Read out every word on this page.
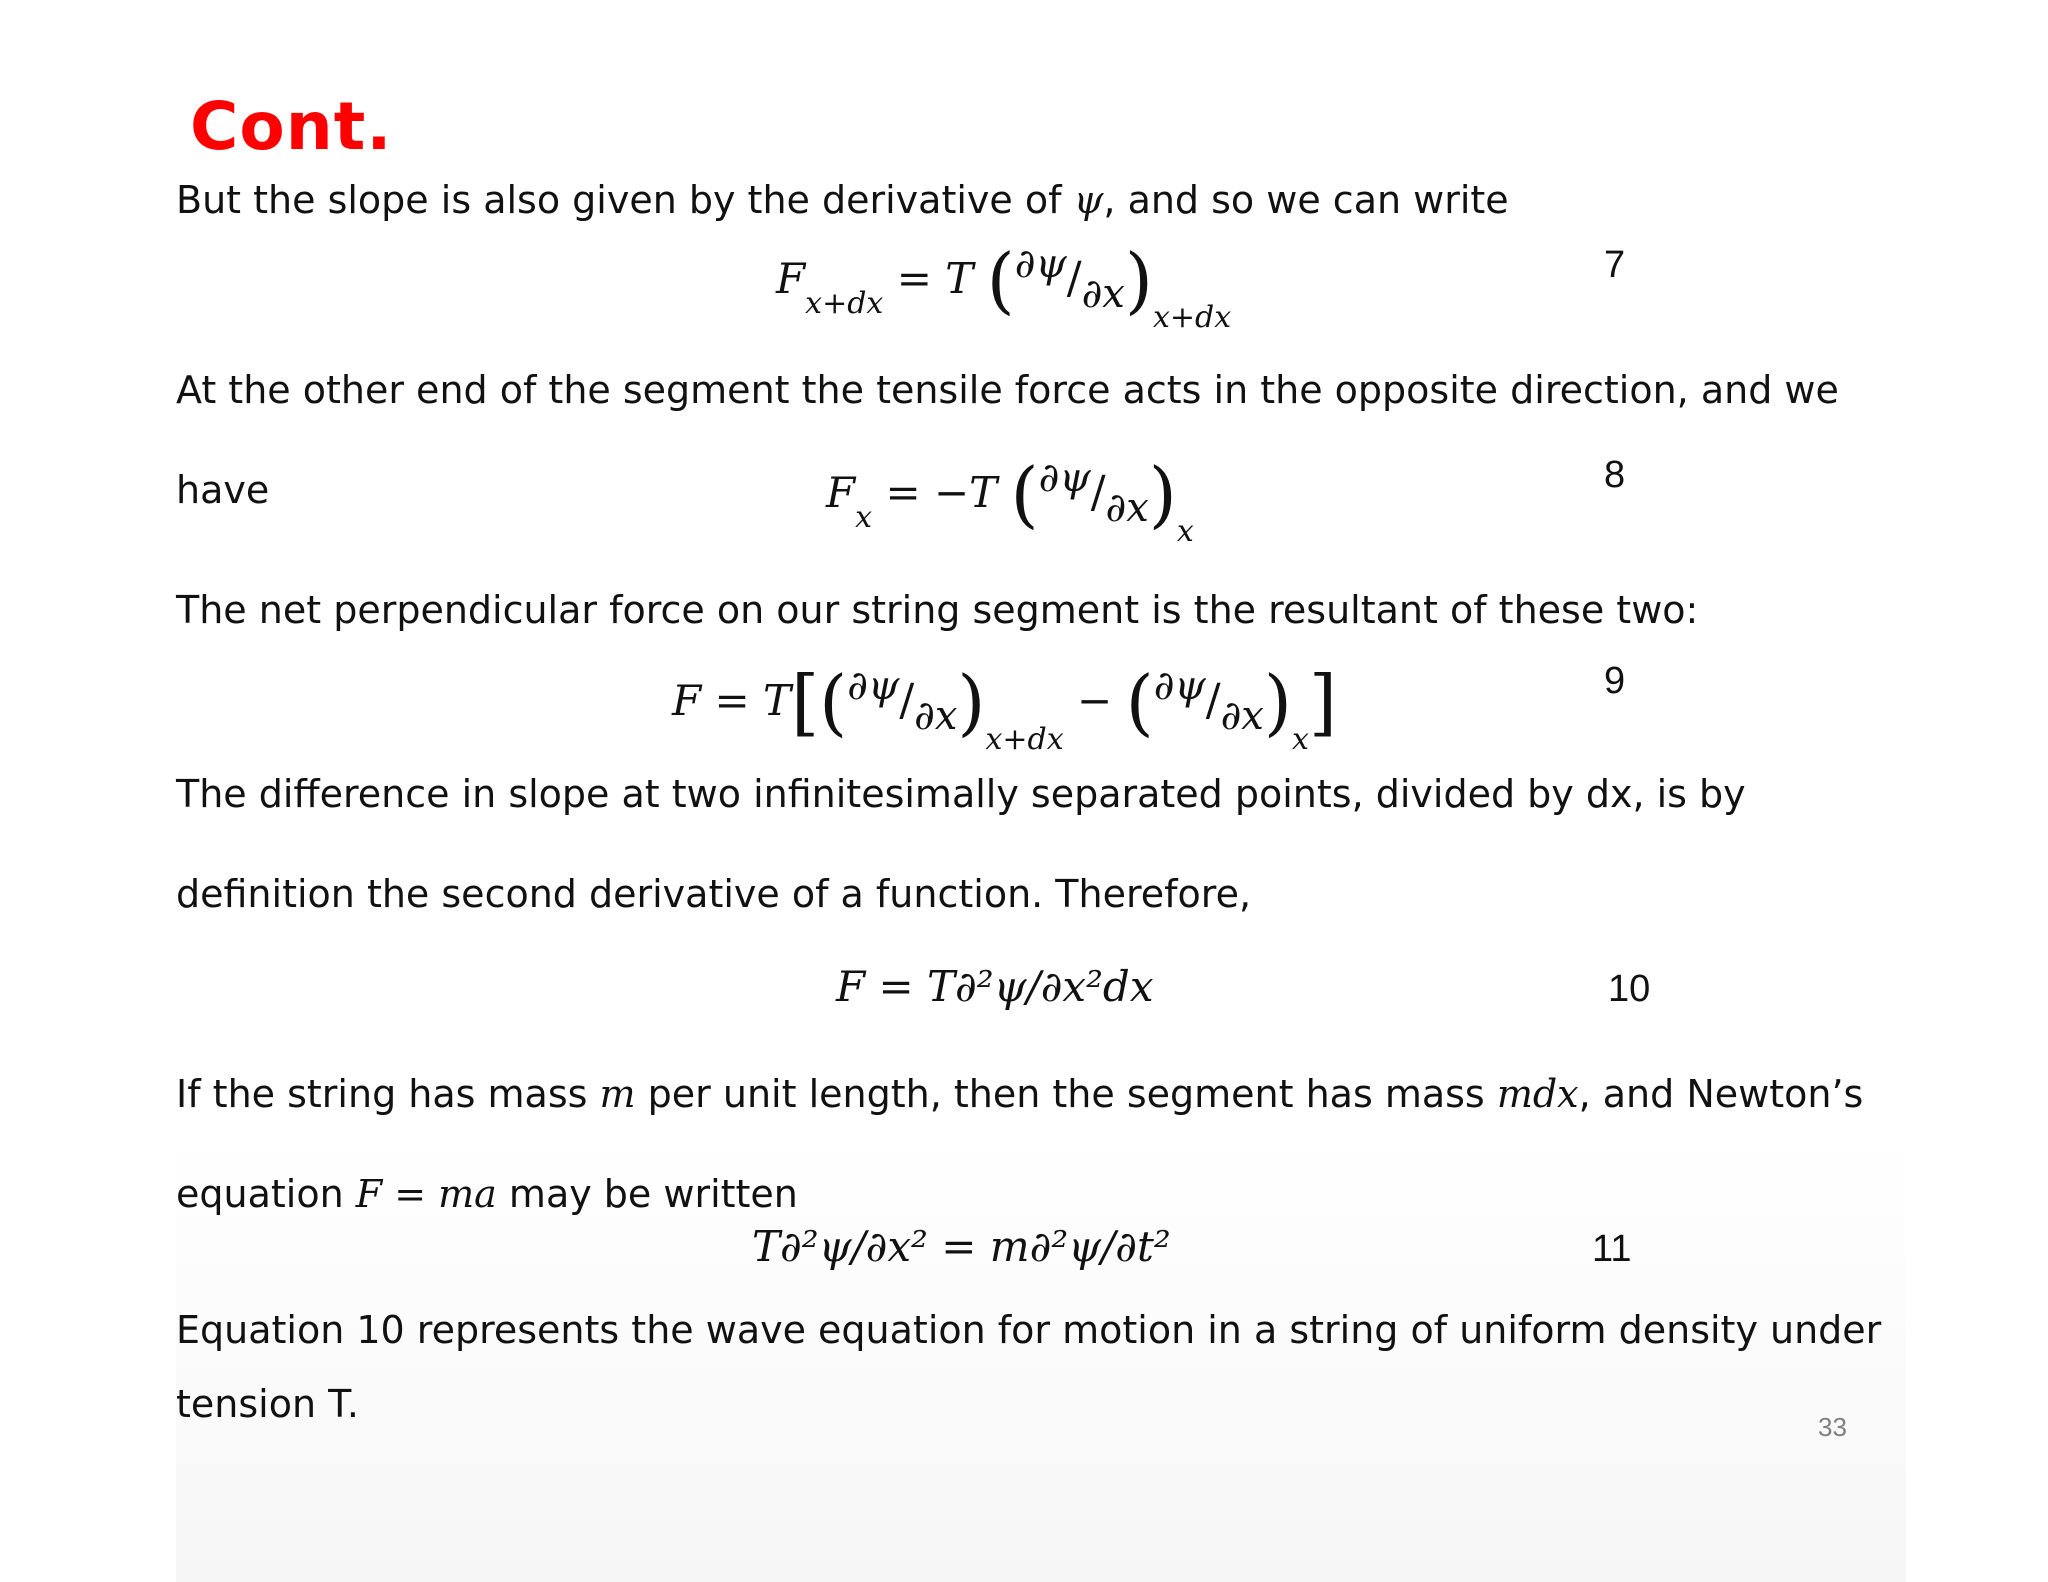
Cont.
But the slope is also given by the derivative of ψ, and so we can write
$F_{x+dx} = T$ $(\partial\psi/\partial x)_{x+dx}$
7
At the other end of the segment the tensile force acts in the opposite direction, and we
have	$F_x = -T$ $(\partial\psi/\partial x)_x$
8
The net perpendicular force on our string segment is the resultant of these two:
$F = T[(\partial\psi/\partial x)_{x+dx} - (\partial\psi/\partial x)_x]$	9
The difference in slope at two infinitesimally separated points, divided by dx, is by
definition the second derivative of a function. Therefore,
F = T∂²ψ/∂x²dx	10
If the string has mass m per unit length, then the segment has mass mdx, and Newton’s
equation F = ma may be written
T∂²ψ/∂x² = m∂²ψ/∂t²	11
Equation 10 represents the wave equation for motion in a string of uniform density under
tension T.
33
